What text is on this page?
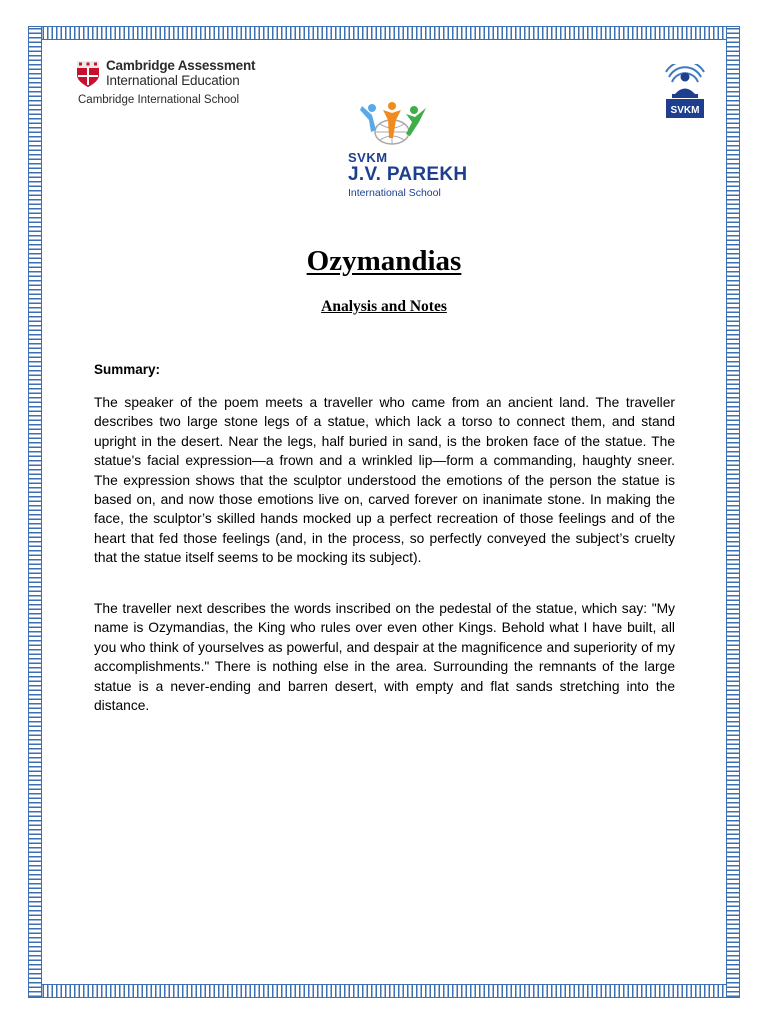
Cambridge Assessment
International Education
Cambridge International School
SVKM
SVKM
J.V. PAREKH
International School
Ozymandias
Analysis and Notes
Summary:

The speaker of the poem meets a traveller who came from an ancient land. The traveller describes two large stone legs of a statue, which lack a torso to connect them, and stand upright in the desert. Near the legs, half buried in sand, is the broken face of the statue. The statue's facial expression—a frown and a wrinkled lip—form a commanding, haughty sneer. The expression shows that the sculptor understood the emotions of the person the statue is based on, and now those emotions live on, carved forever on inanimate stone. In making the face, the sculptor’s skilled hands mocked up a perfect recreation of those feelings and of the heart that fed those feelings (and, in the process, so perfectly conveyed the subject’s cruelty that the statue itself seems to be mocking its subject).

The traveller next describes the words inscribed on the pedestal of the statue, which say: "My name is Ozymandias, the King who rules over even other Kings. Behold what I have built, all you who think of yourselves as powerful, and despair at the magnificence and superiority of my accomplishments." There is nothing else in the area. Surrounding the remnants of the large statue is a never-ending and barren desert, with empty and flat sands stretching into the distance.
